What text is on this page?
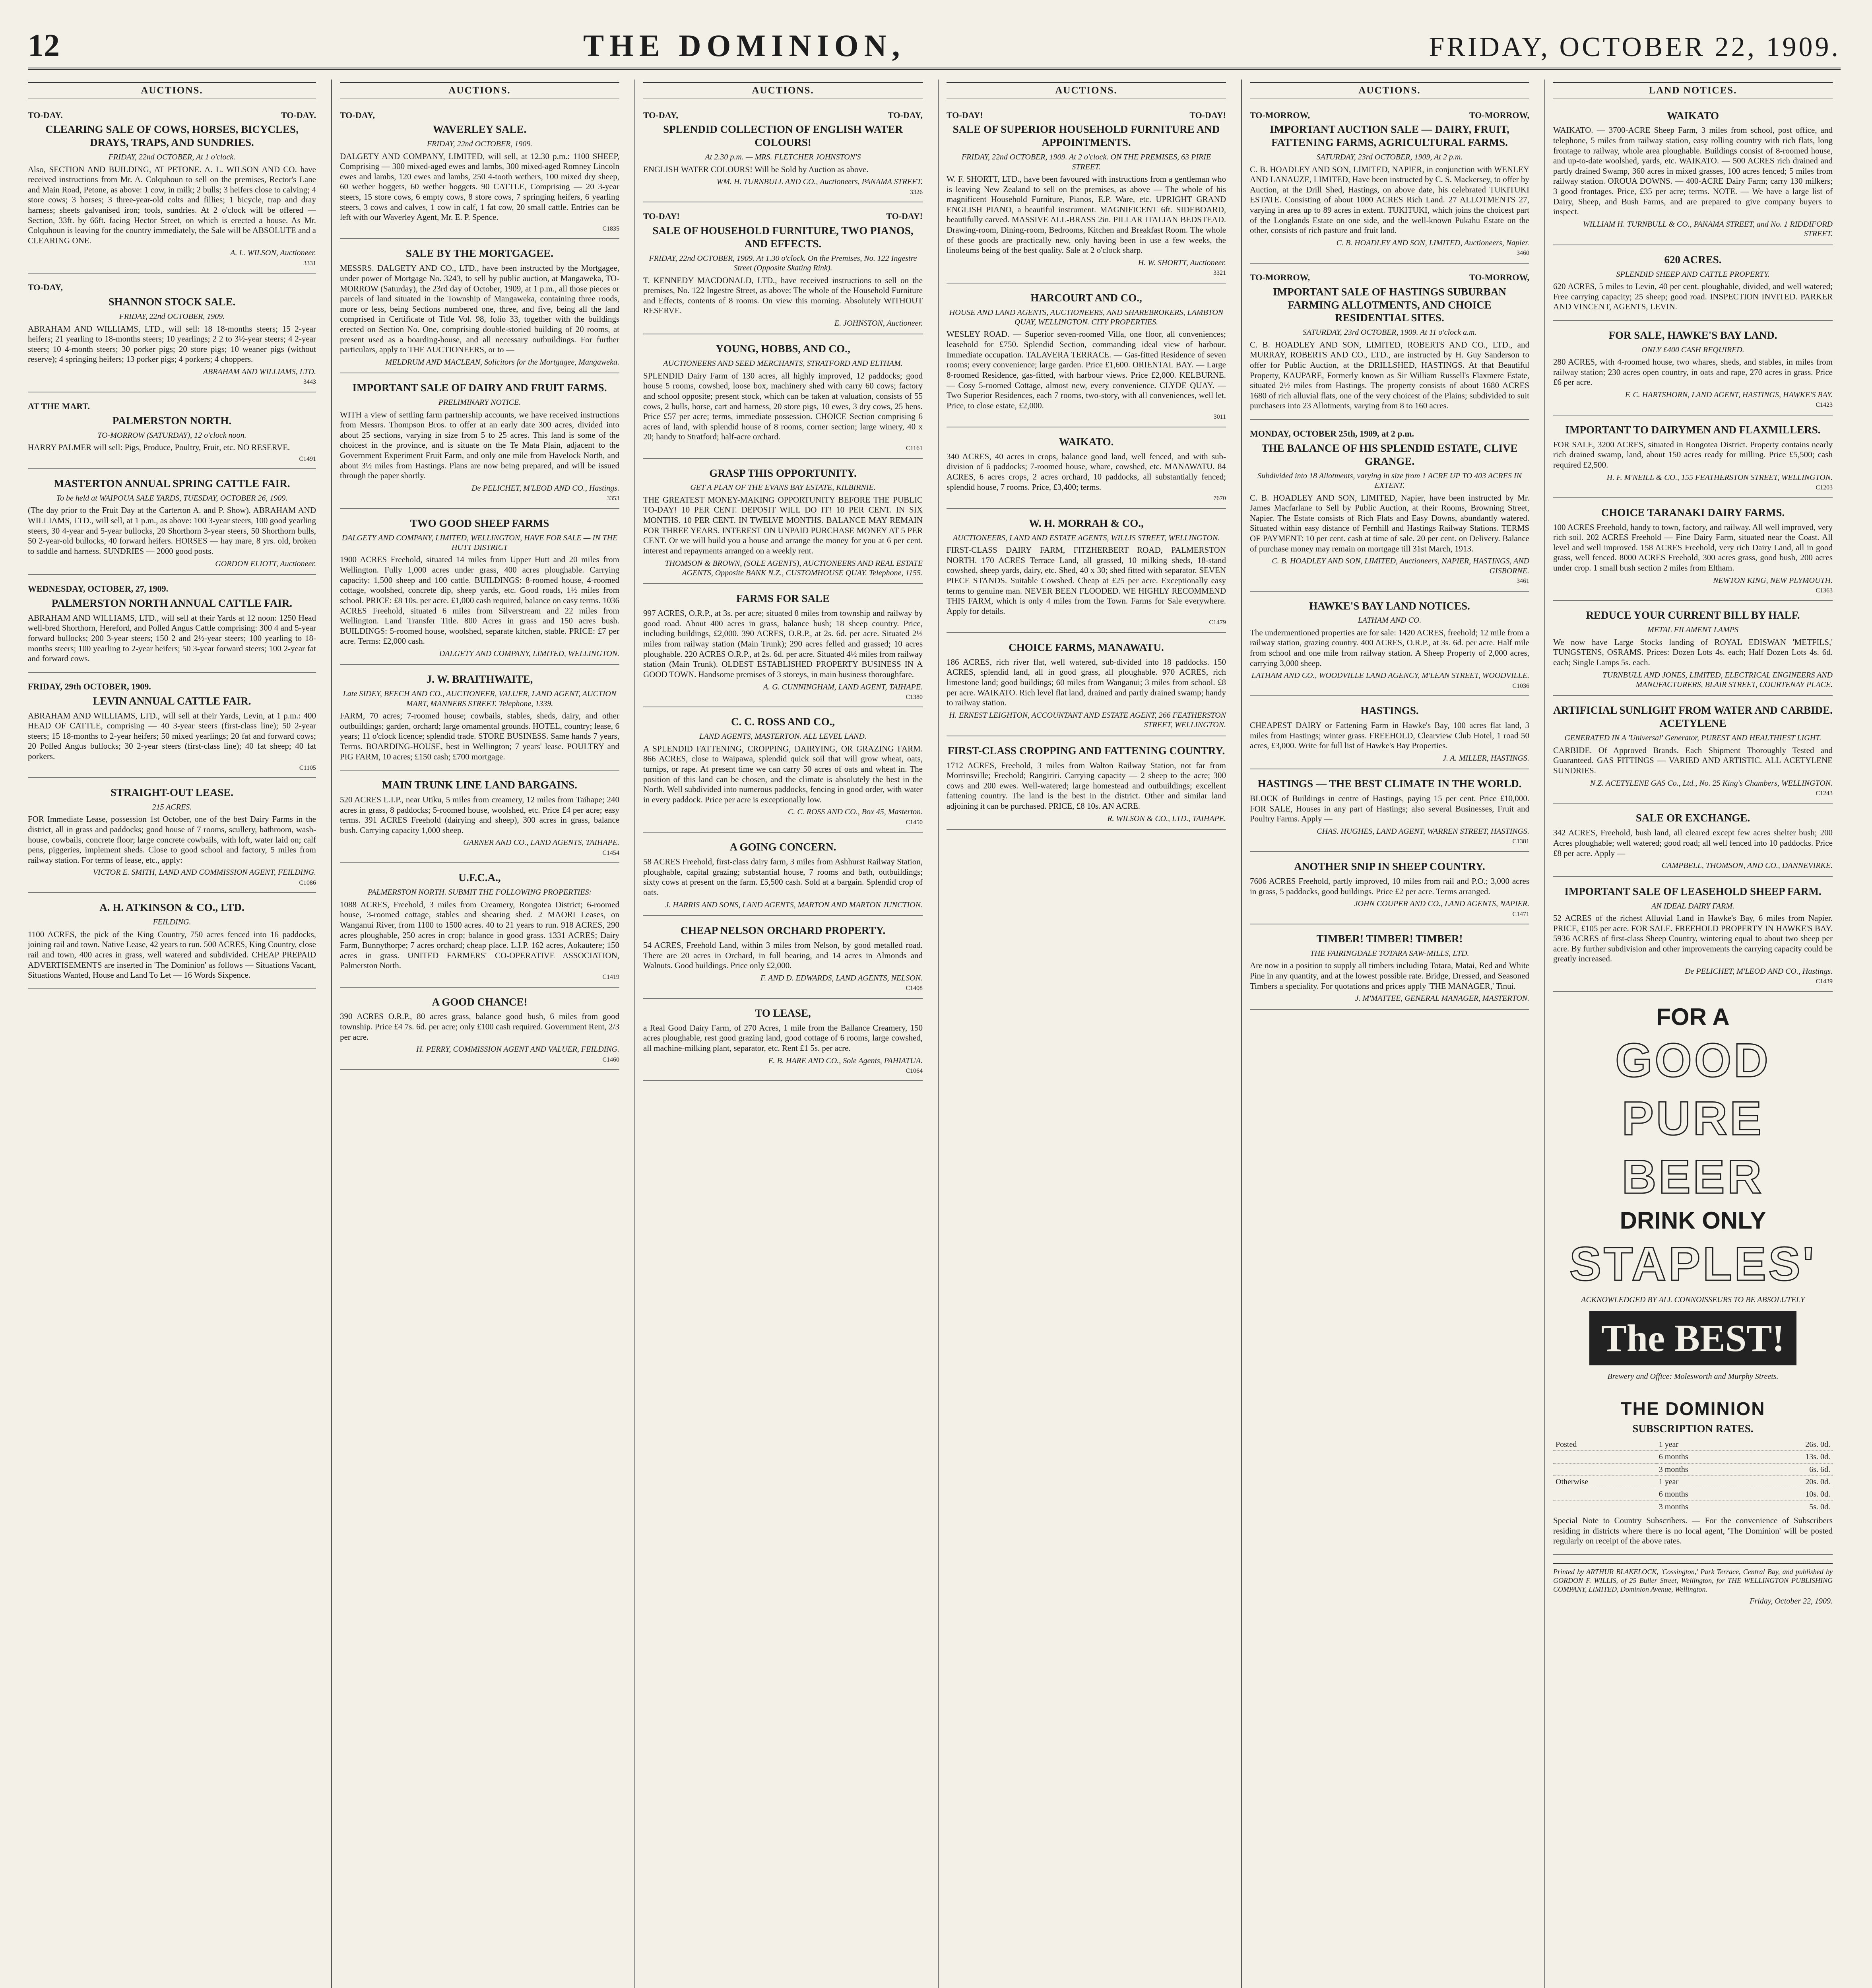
12	THE DOMINION,	FRIDAY, OCTOBER 22, 1909.
AUCTIONS.
TO-DAY.	TO-DAY.
CLEARING SALE OF COWS, HORSES, BICYCLES, DRAYS, TRAPS, AND SUNDRIES.
FRIDAY, 22nd OCTOBER, At 1 o'clock.
Also, SECTION AND BUILDING, AT PETONE. A. L. WILSON AND CO. have received instructions from Mr. A. Colquhoun to sell on the premises, Rector's Lane and Main Road, Petone, as above: 1 cow, in milk; 2 bulls; 3 heifers close to calving; 4 store cows; 3 horses; 3 three-year-old colts and fillies; 1 bicycle, trap and dray harness; sheets galvanised iron; tools, sundries. At 2 o'clock will be offered — Section, 33ft. by 66ft. facing Hector Street, on which is erected a house. As Mr. Colquhoun is leaving for the country immediately, the Sale will be ABSOLUTE and a CLEARING ONE.
A. L. WILSON, Auctioneer.
3331
TO-DAY,
SHANNON STOCK SALE.
FRIDAY, 22nd OCTOBER, 1909.
ABRAHAM AND WILLIAMS, LTD., will sell: 18 18-months steers; 15 2-year heifers; 21 yearling to 18-months steers; 10 yearlings; 2 2 to 3½-year steers; 4 2-year steers; 10 4-month steers; 30 porker pigs; 20 store pigs; 10 weaner pigs (without reserve); 4 springing heifers; 13 porker pigs; 4 porkers; 4 choppers.
ABRAHAM AND WILLIAMS, LTD.
3443
AT THE MART.
PALMERSTON NORTH.
TO-MORROW (SATURDAY), 12 o'clock noon.
HARRY PALMER will sell: Pigs, Produce, Poultry, Fruit, etc. NO RESERVE.
C1491
MASTERTON ANNUAL SPRING CATTLE FAIR.
To be held at WAIPOUA SALE YARDS, TUESDAY, OCTOBER 26, 1909.
(The day prior to the Fruit Day at the Carterton A. and P. Show). ABRAHAM AND WILLIAMS, LTD., will sell, at 1 p.m., as above: 100 3-year steers, 100 good yearling steers, 30 4-year and 5-year bullocks, 20 Shorthorn 3-year steers, 50 Shorthorn bulls, 50 2-year-old bullocks, 40 forward heifers. HORSES — hay mare, 8 yrs. old, broken to saddle and harness. SUNDRIES — 2000 good posts.
GORDON ELIOTT, Auctioneer.
WEDNESDAY, OCTOBER, 27, 1909.
PALMERSTON NORTH ANNUAL CATTLE FAIR.
ABRAHAM AND WILLIAMS, LTD., will sell at their Yards at 12 noon: 1250 Head well-bred Shorthorn, Hereford, and Polled Angus Cattle comprising: 300 4 and 5-year forward bullocks; 200 3-year steers; 150 2 and 2½-year steers; 100 yearling to 18-months steers; 100 yearling to 2-year heifers; 50 3-year forward steers; 100 2-year fat and forward cows.
FRIDAY, 29th OCTOBER, 1909.
LEVIN ANNUAL CATTLE FAIR.
ABRAHAM AND WILLIAMS, LTD., will sell at their Yards, Levin, at 1 p.m.: 400 HEAD OF CATTLE, comprising — 40 3-year steers (first-class line); 50 2-year steers; 15 18-months to 2-year heifers; 50 mixed yearlings; 20 fat and forward cows; 20 Polled Angus bullocks; 30 2-year steers (first-class line); 40 fat sheep; 40 fat porkers.
C1105
STRAIGHT-OUT LEASE.
215 ACRES.
FOR Immediate Lease, possession 1st October, one of the best Dairy Farms in the district, all in grass and paddocks; good house of 7 rooms, scullery, bathroom, wash-house, cowbails, concrete floor; large concrete cowbails, with loft, water laid on; calf pens, piggeries, implement sheds. Close to good school and factory, 5 miles from railway station. For terms of lease, etc., apply:
VICTOR E. SMITH, LAND AND COMMISSION AGENT, FEILDING.
C1086
A. H. ATKINSON & CO., LTD.
FEILDING.
1100 ACRES, the pick of the King Country, 750 acres fenced into 16 paddocks, joining rail and town. Native Lease, 42 years to run. 500 ACRES, King Country, close rail and town, 400 acres in grass, well watered and subdivided. CHEAP PREPAID ADVERTISEMENTS are inserted in 'The Dominion' as follows — Situations Vacant, Situations Wanted, House and Land To Let — 16 Words Sixpence.
AUCTIONS.
TO-DAY,
WAVERLEY SALE.
FRIDAY, 22nd OCTOBER, 1909.
DALGETY AND COMPANY, LIMITED, will sell, at 12.30 p.m.: 1100 SHEEP, Comprising — 300 mixed-aged ewes and lambs, 300 mixed-aged Romney Lincoln ewes and lambs, 120 ewes and lambs, 250 4-tooth wethers, 100 mixed dry sheep, 60 wether hoggets, 60 wether hoggets. 90 CATTLE, Comprising — 20 3-year steers, 15 store cows, 6 empty cows, 8 store cows, 7 springing heifers, 6 yearling steers, 3 cows and calves, 1 cow in calf, 1 fat cow, 20 small cattle. Entries can be left with our Waverley Agent, Mr. E. P. Spence.
C1835
SALE BY THE MORTGAGEE.
MESSRS. DALGETY AND CO., LTD., have been instructed by the Mortgagee, under power of Mortgage No. 3243, to sell by public auction, at Mangaweka, TO-MORROW (Saturday), the 23rd day of October, 1909, at 1 p.m., all those pieces or parcels of land situated in the Township of Mangaweka, containing three roods, more or less, being Sections numbered one, three, and five, being all the land comprised in Certificate of Title Vol. 98, folio 33, together with the buildings erected on Section No. One, comprising double-storied building of 20 rooms, at present used as a boarding-house, and all necessary outbuildings. For further particulars, apply to THE AUCTIONEERS, or to —
MELDRUM AND MACLEAN, Solicitors for the Mortgagee, Mangaweka.
IMPORTANT SALE OF DAIRY AND FRUIT FARMS.
PRELIMINARY NOTICE.
WITH a view of settling farm partnership accounts, we have received instructions from Messrs. Thompson Bros. to offer at an early date 300 acres, divided into about 25 sections, varying in size from 5 to 25 acres. This land is some of the choicest in the province, and is situate on the Te Mata Plain, adjacent to the Government Experiment Fruit Farm, and only one mile from Havelock North, and about 3½ miles from Hastings. Plans are now being prepared, and will be issued through the paper shortly.
De PELICHET, M'LEOD AND CO., Hastings.
3353
TWO GOOD SHEEP FARMS
DALGETY AND COMPANY, LIMITED, WELLINGTON, HAVE FOR SALE — IN THE HUTT DISTRICT
1900 ACRES Freehold, situated 14 miles from Upper Hutt and 20 miles from Wellington. Fully 1,000 acres under grass, 400 acres ploughable. Carrying capacity: 1,500 sheep and 100 cattle. BUILDINGS: 8-roomed house, 4-roomed cottage, woolshed, concrete dip, sheep yards, etc. Good roads, 1½ miles from school. PRICE: £8 10s. per acre. £1,000 cash required, balance on easy terms. 1036 ACRES Freehold, situated 6 miles from Silverstream and 22 miles from Wellington. Land Transfer Title. 800 Acres in grass and 150 acres bush. BUILDINGS: 5-roomed house, woolshed, separate kitchen, stable. PRICE: £7 per acre. Terms: £2,000 cash.
DALGETY AND COMPANY, LIMITED, WELLINGTON.
J. W. BRAITHWAITE,
Late SIDEY, BEECH AND CO., AUCTIONEER, VALUER, LAND AGENT, AUCTION MART, MANNERS STREET. Telephone, 1339.
FARM, 70 acres; 7-roomed house; cowbails, stables, sheds, dairy, and other outbuildings; garden, orchard; large ornamental grounds. HOTEL, country; lease, 6 years; 11 o'clock licence; splendid trade. STORE BUSINESS. Same hands 7 years, Terms. BOARDING-HOUSE, best in Wellington; 7 years' lease. POULTRY and PIG FARM, 10 acres; £150 cash; £700 mortgage.
MAIN TRUNK LINE LAND BARGAINS.
520 ACRES L.I.P., near Utiku, 5 miles from creamery, 12 miles from Taihape; 240 acres in grass, 8 paddocks; 5-roomed house, woolshed, etc. Price £4 per acre; easy terms. 391 ACRES Freehold (dairying and sheep), 300 acres in grass, balance bush. Carrying capacity 1,000 sheep.
GARNER AND CO., LAND AGENTS, TAIHAPE.
C1454
U.F.C.A.,
PALMERSTON NORTH. SUBMIT THE FOLLOWING PROPERTIES:
1088 ACRES, Freehold, 3 miles from Creamery, Rongotea District; 6-roomed house, 3-roomed cottage, stables and shearing shed. 2 MAORI Leases, on Wanganui River, from 1100 to 1500 acres. 40 to 21 years to run. 918 ACRES, 290 acres ploughable, 250 acres in crop; balance in good grass. 1331 ACRES; Dairy Farm, Bunnythorpe; 7 acres orchard; cheap place. L.I.P. 162 acres, Aokautere; 150 acres in grass. UNITED FARMERS' CO-OPERATIVE ASSOCIATION, Palmerston North.
C1419
A GOOD CHANCE!
390 ACRES O.R.P., 80 acres grass, balance good bush, 6 miles from good township. Price £4 7s. 6d. per acre; only £100 cash required. Government Rent, 2/3 per acre.
H. PERRY, COMMISSION AGENT AND VALUER, FEILDING.
C1460
AUCTIONS.
TO-DAY,	TO-DAY,
SPLENDID COLLECTION OF ENGLISH WATER COLOURS!
At 2.30 p.m. — MRS. FLETCHER JOHNSTON'S
ENGLISH WATER COLOURS! Will be Sold by Auction as above.
WM. H. TURNBULL AND CO., Auctioneers, PANAMA STREET.
3326
TO-DAY!	TO-DAY!
SALE OF HOUSEHOLD FURNITURE, TWO PIANOS, AND EFFECTS.
FRIDAY, 22nd OCTOBER, 1909. At 1.30 o'clock. On the Premises, No. 122 Ingestre Street (Opposite Skating Rink).
T. KENNEDY MACDONALD, LTD., have received instructions to sell on the premises, No. 122 Ingestre Street, as above: The whole of the Household Furniture and Effects, contents of 8 rooms. On view this morning. Absolutely WITHOUT RESERVE.
E. JOHNSTON, Auctioneer.
YOUNG, HOBBS, AND CO.,
AUCTIONEERS AND SEED MERCHANTS, STRATFORD AND ELTHAM.
SPLENDID Dairy Farm of 130 acres, all highly improved, 12 paddocks; good house 5 rooms, cowshed, loose box, machinery shed with carry 60 cows; factory and school opposite; present stock, which can be taken at valuation, consists of 55 cows, 2 bulls, horse, cart and harness, 20 store pigs, 10 ewes, 3 dry cows, 25 hens. Price £57 per acre; terms, immediate possession. CHOICE Section comprising 6 acres of land, with splendid house of 8 rooms, corner section; large winery, 40 x 20; handy to Stratford; half-acre orchard.
C1161
GRASP THIS OPPORTUNITY.
GET A PLAN OF THE EVANS BAY ESTATE, KILBIRNIE.
THE GREATEST MONEY-MAKING OPPORTUNITY BEFORE THE PUBLIC TO-DAY! 10 PER CENT. DEPOSIT WILL DO IT! 10 PER CENT. IN SIX MONTHS. 10 PER CENT. IN TWELVE MONTHS. BALANCE MAY REMAIN FOR THREE YEARS. INTEREST ON UNPAID PURCHASE MONEY AT 5 PER CENT. Or we will build you a house and arrange the money for you at 6 per cent. interest and repayments arranged on a weekly rent.
THOMSON & BROWN, (SOLE AGENTS), AUCTIONEERS AND REAL ESTATE AGENTS, Opposite BANK N.Z., CUSTOMHOUSE QUAY. Telephone, 1155.
FARMS FOR SALE
997 ACRES, O.R.P., at 3s. per acre; situated 8 miles from township and railway by good road. About 400 acres in grass, balance bush; 18 sheep country. Price, including buildings, £2,000. 390 ACRES, O.R.P., at 2s. 6d. per acre. Situated 2½ miles from railway station (Main Trunk); 290 acres felled and grassed; 10 acres ploughable. 220 ACRES O.R.P., at 2s. 6d. per acre. Situated 4½ miles from railway station (Main Trunk). OLDEST ESTABLISHED PROPERTY BUSINESS IN A GOOD TOWN. Handsome premises of 3 storeys, in main business thoroughfare.
A. G. CUNNINGHAM, LAND AGENT, TAIHAPE.
C1380
C. C. ROSS AND CO.,
LAND AGENTS, MASTERTON. ALL LEVEL LAND.
A SPLENDID FATTENING, CROPPING, DAIRYING, OR GRAZING FARM. 866 ACRES, close to Waipawa, splendid quick soil that will grow wheat, oats, turnips, or rape. At present time we can carry 50 acres of oats and wheat in. The position of this land can be chosen, and the climate is absolutely the best in the North. Well subdivided into numerous paddocks, fencing in good order, with water in every paddock. Price per acre is exceptionally low.
C. C. ROSS AND CO., Box 45, Masterton.
C1450
A GOING CONCERN.
58 ACRES Freehold, first-class dairy farm, 3 miles from Ashhurst Railway Station, ploughable, capital grazing; substantial house, 7 rooms and bath, outbuildings; sixty cows at present on the farm. £5,500 cash. Sold at a bargain. Splendid crop of oats.
J. HARRIS AND SONS, LAND AGENTS, MARTON AND MARTON JUNCTION.
CHEAP NELSON ORCHARD PROPERTY.
54 ACRES, Freehold Land, within 3 miles from Nelson, by good metalled road. There are 20 acres in Orchard, in full bearing, and 14 acres in Almonds and Walnuts. Good buildings. Price only £2,000.
F. AND D. EDWARDS, LAND AGENTS, NELSON.
C1408
TO LEASE,
a Real Good Dairy Farm, of 270 Acres, 1 mile from the Ballance Creamery, 150 acres ploughable, rest good grazing land, good cottage of 6 rooms, large cowshed, all machine-milking plant, separator, etc. Rent £1 5s. per acre.
E. B. HARE AND CO., Sole Agents, PAHIATUA.
C1064
AUCTIONS.
TO-DAY!	TO-DAY!
SALE OF SUPERIOR HOUSEHOLD FURNITURE AND APPOINTMENTS.
FRIDAY, 22nd OCTOBER, 1909. At 2 o'clock. ON THE PREMISES, 63 PIRIE STREET.
W. F. SHORTT, LTD., have been favoured with instructions from a gentleman who is leaving New Zealand to sell on the premises, as above — The whole of his magnificent Household Furniture, Pianos, E.P. Ware, etc. UPRIGHT GRAND ENGLISH PIANO, a beautiful instrument. MAGNIFICENT 6ft. SIDEBOARD, beautifully carved. MASSIVE ALL-BRASS 2in. PILLAR ITALIAN BEDSTEAD. Drawing-room, Dining-room, Bedrooms, Kitchen and Breakfast Room. The whole of these goods are practically new, only having been in use a few weeks, the linoleums being of the best quality. Sale at 2 o'clock sharp.
H. W. SHORTT, Auctioneer.
3321
HARCOURT AND CO.,
HOUSE AND LAND AGENTS, AUCTIONEERS, AND SHAREBROKERS, LAMBTON QUAY, WELLINGTON. CITY PROPERTIES.
WESLEY ROAD. — Superior seven-roomed Villa, one floor, all conveniences; leasehold for £750. Splendid Section, commanding ideal view of harbour. Immediate occupation. TALAVERA TERRACE. — Gas-fitted Residence of seven rooms; every convenience; large garden. Price £1,600. ORIENTAL BAY. — Large 8-roomed Residence, gas-fitted, with harbour views. Price £2,000. KELBURNE. — Cosy 5-roomed Cottage, almost new, every convenience. CLYDE QUAY. — Two Superior Residences, each 7 rooms, two-story, with all conveniences, well let. Price, to close estate, £2,000.
3011
WAIKATO.
340 ACRES, 40 acres in crops, balance good land, well fenced, and with sub-division of 6 paddocks; 7-roomed house, whare, cowshed, etc. MANAWATU. 84 ACRES, 6 acres crops, 2 acres orchard, 10 paddocks, all substantially fenced; splendid house, 7 rooms. Price, £3,400; terms.
7670
W. H. MORRAH & CO.,
AUCTIONEERS, LAND AND ESTATE AGENTS, WILLIS STREET, WELLINGTON.
FIRST-CLASS DAIRY FARM, FITZHERBERT ROAD, PALMERSTON NORTH. 170 ACRES Terrace Land, all grassed, 10 milking sheds, 18-stand cowshed, sheep yards, dairy, etc. Shed, 40 x 30; shed fitted with separator. SEVEN PIECE STANDS. Suitable Cowshed. Cheap at £25 per acre. Exceptionally easy terms to genuine man. NEVER BEEN FLOODED. WE HIGHLY RECOMMEND THIS FARM, which is only 4 miles from the Town. Farms for Sale everywhere. Apply for details.
C1479
CHOICE FARMS, MANAWATU.
186 ACRES, rich river flat, well watered, sub-divided into 18 paddocks. 150 ACRES, splendid land, all in good grass, all ploughable. 970 ACRES, rich limestone land; good buildings; 60 miles from Wanganui; 3 miles from school. £8 per acre. WAIKATO. Rich level flat land, drained and partly drained swamp; handy to railway station.
H. ERNEST LEIGHTON, ACCOUNTANT AND ESTATE AGENT, 266 FEATHERSTON STREET, WELLINGTON.
FIRST-CLASS CROPPING AND FATTENING COUNTRY.
1712 ACRES, Freehold, 3 miles from Walton Railway Station, not far from Morrinsville; Freehold; Rangiriri. Carrying capacity — 2 sheep to the acre; 300 cows and 200 ewes. Well-watered; large homestead and outbuildings; excellent fattening country. The land is the best in the district. Other and similar land adjoining it can be purchased. PRICE, £8 10s. AN ACRE.
R. WILSON & CO., LTD., TAIHAPE.
AUCTIONS.
TO-MORROW,	TO-MORROW,
IMPORTANT AUCTION SALE — DAIRY, FRUIT, FATTENING FARMS, AGRICULTURAL FARMS.
SATURDAY, 23rd OCTOBER, 1909, At 2 p.m.
C. B. HOADLEY AND SON, LIMITED, NAPIER, in conjunction with WENLEY AND LANAUZE, LIMITED, Have been instructed by C. S. Mackersey, to offer by Auction, at the Drill Shed, Hastings, on above date, his celebrated TUKITUKI ESTATE. Consisting of about 1000 ACRES Rich Land. 27 ALLOTMENTS 27, varying in area up to 89 acres in extent. TUKITUKI, which joins the choicest part of the Longlands Estate on one side, and the well-known Pukahu Estate on the other, consists of rich pasture and fruit land.
C. B. HOADLEY AND SON, LIMITED, Auctioneers, Napier.
3460
TO-MORROW,	TO-MORROW,
IMPORTANT SALE OF HASTINGS SUBURBAN FARMING ALLOTMENTS, AND CHOICE RESIDENTIAL SITES.
SATURDAY, 23rd OCTOBER, 1909. At 11 o'clock a.m.
C. B. HOADLEY AND SON, LIMITED, ROBERTS AND CO., LTD., and MURRAY, ROBERTS AND CO., LTD., are instructed by H. Guy Sanderson to offer for Public Auction, at the DRILLSHED, HASTINGS. At that Beautiful Property, KAUPARE, Formerly known as Sir William Russell's Flaxmere Estate, situated 2½ miles from Hastings. The property consists of about 1680 ACRES 1680 of rich alluvial flats, one of the very choicest of the Plains; subdivided to suit purchasers into 23 Allotments, varying from 8 to 160 acres.
MONDAY, OCTOBER 25th, 1909, at 2 p.m.
THE BALANCE OF HIS SPLENDID ESTATE, CLIVE GRANGE.
Subdivided into 18 Allotments, varying in size from 1 ACRE UP TO 403 ACRES IN EXTENT.
C. B. HOADLEY AND SON, LIMITED, Napier, have been instructed by Mr. James Macfarlane to Sell by Public Auction, at their Rooms, Browning Street, Napier. The Estate consists of Rich Flats and Easy Downs, abundantly watered. Situated within easy distance of Fernhill and Hastings Railway Stations. TERMS OF PAYMENT: 10 per cent. cash at time of sale. 20 per cent. on Delivery. Balance of purchase money may remain on mortgage till 31st March, 1913.
C. B. HOADLEY AND SON, LIMITED, Auctioneers, NAPIER, HASTINGS, AND GISBORNE.
3461
HAWKE'S BAY LAND NOTICES.
LATHAM AND CO.
The undermentioned properties are for sale: 1420 ACRES, freehold; 12 mile from a railway station, grazing country. 400 ACRES, O.R.P., at 3s. 6d. per acre. Half mile from school and one mile from railway station. A Sheep Property of 2,000 acres, carrying 3,000 sheep.
LATHAM AND CO., WOODVILLE LAND AGENCY, M'LEAN STREET, WOODVILLE.
C1036
HASTINGS.
CHEAPEST DAIRY or Fattening Farm in Hawke's Bay, 100 acres flat land, 3 miles from Hastings; winter grass. FREEHOLD, Clearview Club Hotel, 1 road 50 acres, £3,000. Write for full list of Hawke's Bay Properties.
J. A. MILLER, HASTINGS.
HASTINGS — THE BEST CLIMATE IN THE WORLD.
BLOCK of Buildings in centre of Hastings, paying 15 per cent. Price £10,000. FOR SALE, Houses in any part of Hastings; also several Businesses, Fruit and Poultry Farms. Apply —
CHAS. HUGHES, LAND AGENT, WARREN STREET, HASTINGS.
C1381
ANOTHER SNIP IN SHEEP COUNTRY.
7606 ACRES Freehold, partly improved, 10 miles from rail and P.O.; 3,000 acres in grass, 5 paddocks, good buildings. Price £2 per acre. Terms arranged.
JOHN COUPER AND CO., LAND AGENTS, NAPIER.
C1471
TIMBER! TIMBER! TIMBER!
THE FAIRINGDALE TOTARA SAW-MILLS, LTD.
Are now in a position to supply all timbers including Totara, Matai, Red and White Pine in any quantity, and at the lowest possible rate. Bridge, Dressed, and Seasoned Timbers a speciality. For quotations and prices apply 'THE MANAGER,' Tinui.
J. M'MATTEE, GENERAL MANAGER, MASTERTON.
LAND NOTICES.
WAIKATO
WAIKATO. — 3700-ACRE Sheep Farm, 3 miles from school, post office, and telephone, 5 miles from railway station, easy rolling country with rich flats, long frontage to railway, whole area ploughable. Buildings consist of 8-roomed house, and up-to-date woolshed, yards, etc. WAIKATO. — 500 ACRES rich drained and partly drained Swamp, 360 acres in mixed grasses, 100 acres fenced; 5 miles from railway station. OROUA DOWNS. — 400-ACRE Dairy Farm; carry 130 milkers; 3 good frontages. Price, £35 per acre; terms. NOTE. — We have a large list of Dairy, Sheep, and Bush Farms, and are prepared to give company buyers to inspect.
WILLIAM H. TURNBULL & CO., PANAMA STREET, and No. 1 RIDDIFORD STREET.
620 ACRES.
SPLENDID SHEEP AND CATTLE PROPERTY.
620 ACRES, 5 miles to Levin, 40 per cent. ploughable, divided, and well watered; Free carrying capacity; 25 sheep; good road. INSPECTION INVITED. PARKER AND VINCENT, AGENTS, LEVIN.
FOR SALE, HAWKE'S BAY LAND.
ONLY £400 CASH REQUIRED.
280 ACRES, with 4-roomed house, two whares, sheds, and stables, in miles from railway station; 230 acres open country, in oats and rape, 270 acres in grass. Price £6 per acre.
F. C. HARTSHORN, LAND AGENT, HASTINGS, HAWKE'S BAY.
C1423
IMPORTANT TO DAIRYMEN AND FLAXMILLERS.
FOR SALE, 3200 ACRES, situated in Rongotea District. Property contains nearly rich drained swamp, land, about 150 acres ready for milling. Price £5,500; cash required £2,500.
H. F. M'NEILL & CO., 155 FEATHERSTON STREET, WELLINGTON.
C1203
CHOICE TARANAKI DAIRY FARMS.
100 ACRES Freehold, handy to town, factory, and railway. All well improved, very rich soil. 202 ACRES Freehold — Fine Dairy Farm, situated near the Coast. All level and well improved. 158 ACRES Freehold, very rich Dairy Land, all in good grass, well fenced. 8000 ACRES Freehold, 300 acres grass, good bush, 200 acres under crop. 1 small bush section 2 miles from Eltham.
NEWTON KING, NEW PLYMOUTH.
C1363
REDUCE YOUR CURRENT BILL BY HALF.
METAL FILAMENT LAMPS
We now have Large Stocks landing of ROYAL EDISWAN 'METFILS,' TUNGSTENS, OSRAMS. Prices: Dozen Lots 4s. each; Half Dozen Lots 4s. 6d. each; Single Lamps 5s. each.
TURNBULL AND JONES, LIMITED, ELECTRICAL ENGINEERS AND MANUFACTURERS, BLAIR STREET, COURTENAY PLACE.
ARTIFICIAL SUNLIGHT FROM WATER AND CARBIDE. ACETYLENE
GENERATED IN A 'Universal' Generator, PUREST AND HEALTHIEST LIGHT.
CARBIDE. Of Approved Brands. Each Shipment Thoroughly Tested and Guaranteed. GAS FITTINGS — VARIED AND ARTISTIC. ALL ACETYLENE SUNDRIES.
N.Z. ACETYLENE GAS Co., Ltd., No. 25 King's Chambers, WELLINGTON.
C1243
SALE OR EXCHANGE.
342 ACRES, Freehold, bush land, all cleared except few acres shelter bush; 200 Acres ploughable; well watered; good road; all well fenced into 10 paddocks. Price £8 per acre. Apply —
CAMPBELL, THOMSON, AND CO., DANNEVIRKE.
IMPORTANT SALE OF LEASEHOLD SHEEP FARM.
AN IDEAL DAIRY FARM.
52 ACRES of the richest Alluvial Land in Hawke's Bay, 6 miles from Napier. PRICE, £105 per acre. FOR SALE. FREEHOLD PROPERTY IN HAWKE'S BAY. 5936 ACRES of first-class Sheep Country, wintering equal to about two sheep per acre. By further subdivision and other improvements the carrying capacity could be greatly increased.
De PELICHET, M'LEOD AND CO., Hastings.
C1439
FOR A
GOOD
PURE
BEER
DRINK ONLY
STAPLES'
ACKNOWLEDGED BY ALL CONNOISSEURS TO BE ABSOLUTELY
The BEST!
Brewery and Office: Molesworth and Murphy Streets.
THE DOMINION
SUBSCRIPTION RATES.
Posted	1 year	26s. 0d.
	6 months	13s. 0d.
	3 months	6s. 6d.
Otherwise	1 year	20s. 0d.
	6 months	10s. 0d.
	3 months	5s. 0d.
Special Note to Country Subscribers. — For the convenience of Subscribers residing in districts where there is no local agent, 'The Dominion' will be posted regularly on receipt of the above rates.
Printed by ARTHUR BLAKELOCK, 'Cossington,' Park Terrace, Central Bay, and published by GORDON F. WILLIS, of 25 Buller Street, Wellington, for THE WELLINGTON PUBLISHING COMPANY, LIMITED, Dominion Avenue, Wellington.
Friday, October 22, 1909.
